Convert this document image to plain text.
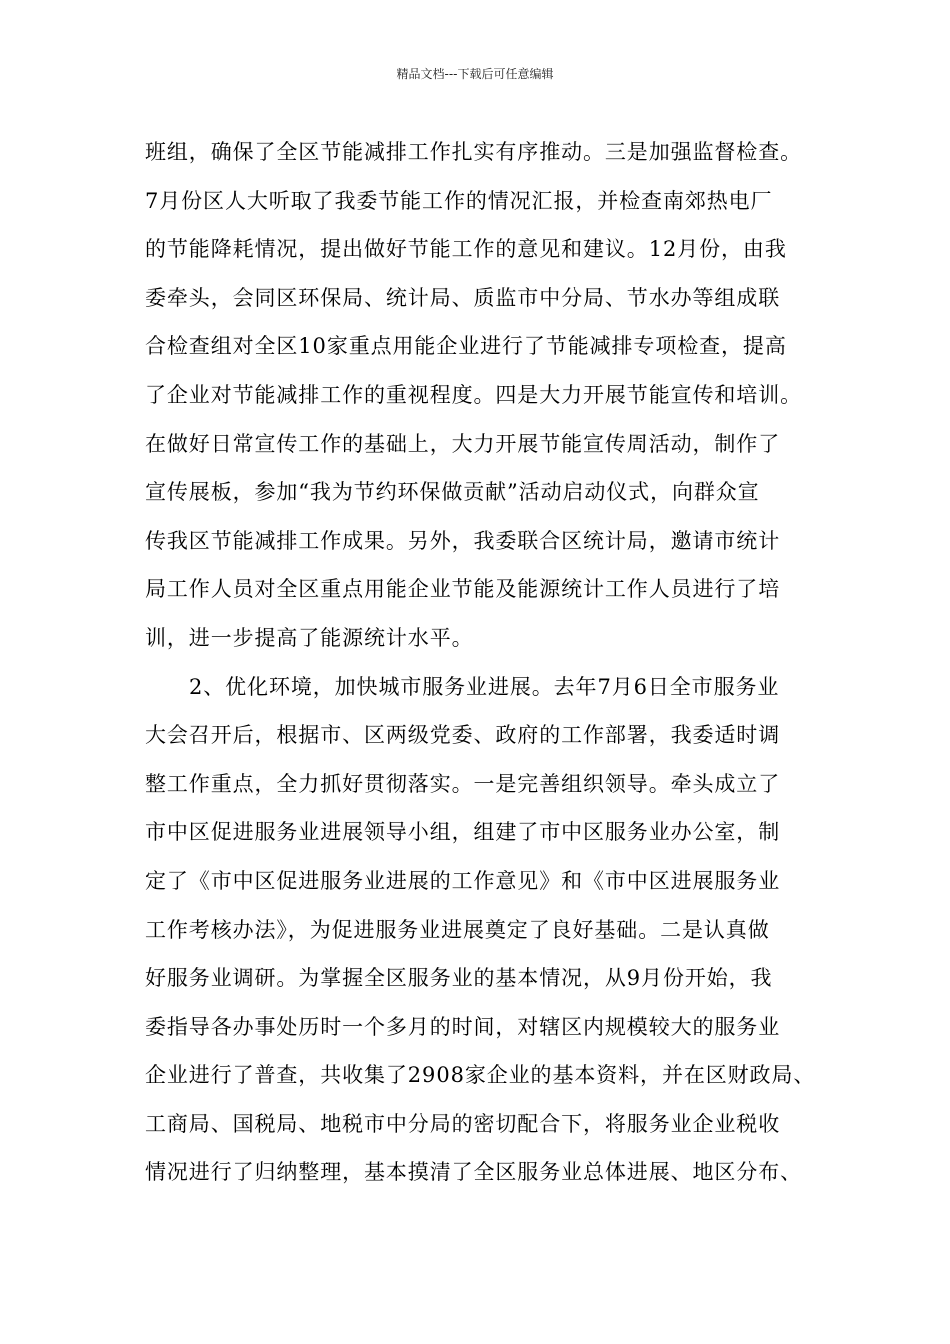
精品文档---下载后可任意编辑
班组，确保了全区节能减排工作扎实有序推动。三是加强监督检查。
7月份区人大听取了我委节能工作的情况汇报，并检查南郊热电厂
的节能降耗情况，提出做好节能工作的意见和建议。12月份，由我
委牵头，会同区环保局、统计局、质监市中分局、节水办等组成联
合检查组对全区10家重点用能企业进行了节能减排专项检查，提高
了企业对节能减排工作的重视程度。四是大力开展节能宣传和培训。
在做好日常宣传工作的基础上，大力开展节能宣传周活动，制作了
宣传展板，参加“我为节约环保做贡献”活动启动仪式，向群众宣
传我区节能减排工作成果。另外，我委联合区统计局，邀请市统计
局工作人员对全区重点用能企业节能及能源统计工作人员进行了培
训，进一步提高了能源统计水平。
2、优化环境，加快城市服务业进展。去年7月6日全市服务业
大会召开后，根据市、区两级党委、政府的工作部署，我委适时调
整工作重点，全力抓好贯彻落实。一是完善组织领导。牵头成立了
市中区促进服务业进展领导小组，组建了市中区服务业办公室，制
定了《市中区促进服务业进展的工作意见》和《市中区进展服务业
工作考核办法》，为促进服务业进展奠定了良好基础。二是认真做
好服务业调研。为掌握全区服务业的基本情况，从9月份开始，我
委指导各办事处历时一个多月的时间，对辖区内规模较大的服务业
企业进行了普查，共收集了2908家企业的基本资料，并在区财政局、
工商局、国税局、地税市中分局的密切配合下，将服务业企业税收
情况进行了归纳整理，基本摸清了全区服务业总体进展、地区分布、
